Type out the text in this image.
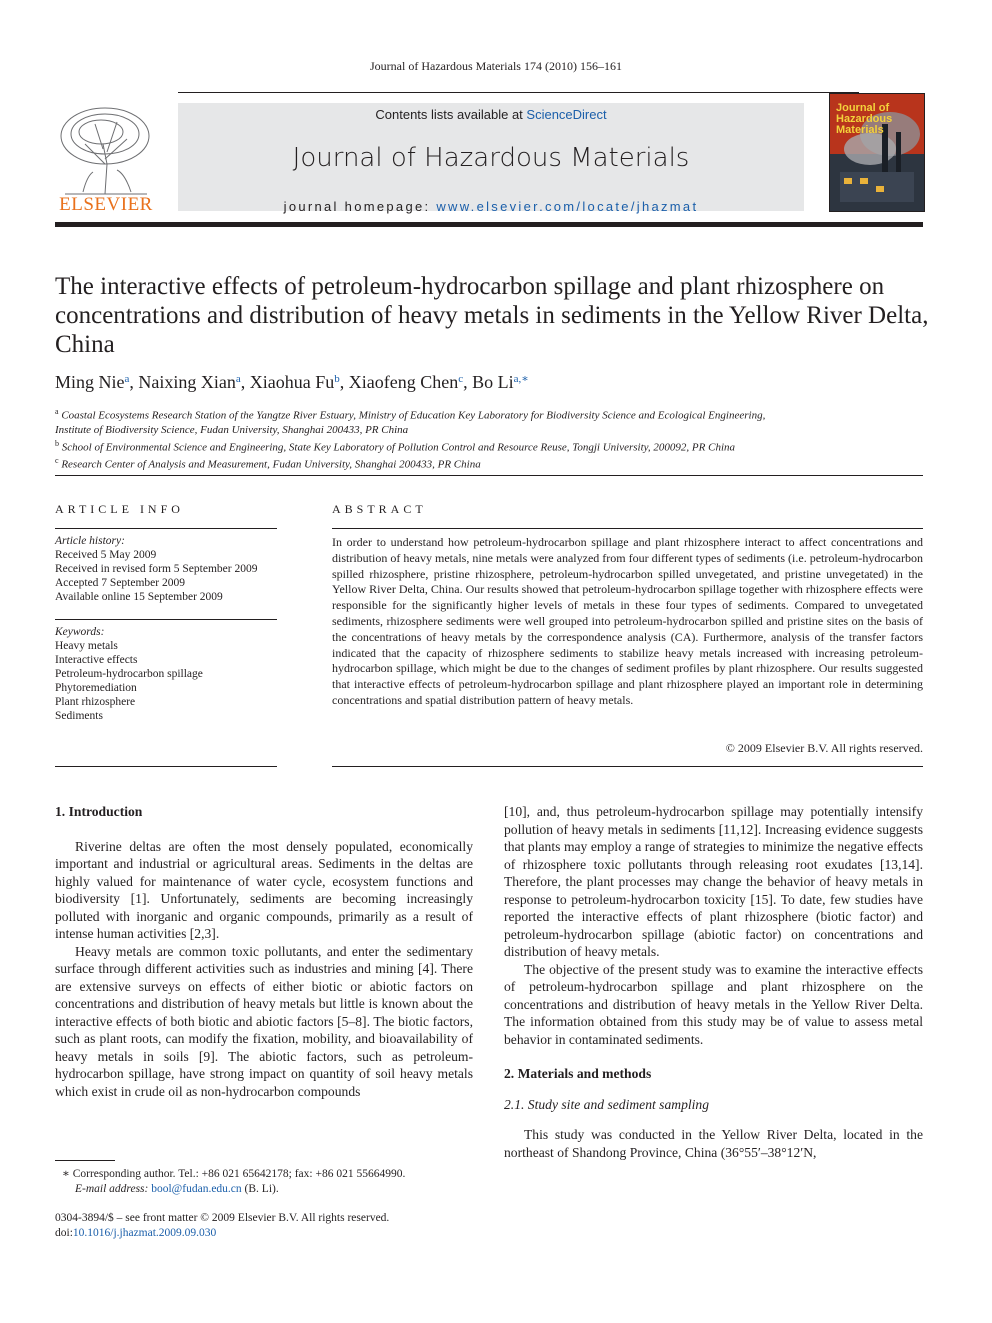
Journal of Hazardous Materials 174 (2010) 156–161
ELSEVIER
Contents lists available at ScienceDirect
Journal of Hazardous Materials
journal homepage: www.elsevier.com/locate/jhazmat
Journal of Hazardous Materials
The interactive effects of petroleum-hydrocarbon spillage and plant rhizosphere on concentrations and distribution of heavy metals in sediments in the Yellow River Delta, China
Ming Nie$^a$, Naixing Xian$^a$, Xiaohua Fu$^b$, Xiaofeng Chen$^c$, Bo $Li^{a,∗}$
$^a$ Coastal Ecosystems Research Station of the Yangtze River Estuary, Ministry of Education Key Laboratory for Biodiversity Science and Ecological Engineering,
Institute of Biodiversity Science, Fudan University, Shanghai 200433, PR China
$^b$ School of Environmental Science and Engineering, State Key Laboratory of Pollution Control and Resource Reuse, Tongji University, 200092, PR China
$^c$ Research Center of Analysis and Measurement, Fudan University, Shanghai 200433, PR China
ARTICLE INFO
Article history:
Received 5 May 2009
Received in revised form 5 September 2009
Accepted 7 September 2009
Available online 15 September 2009
Keywords:
Heavy metals
Interactive effects
Petroleum-hydrocarbon spillage
Phytoremediation
Plant rhizosphere
Sediments
ABSTRACT
In order to understand how petroleum-hydrocarbon spillage and plant rhizosphere interact to affect concentrations and distribution of heavy metals, nine metals were analyzed from four different types of sediments (i.e. petroleum-hydrocarbon spilled rhizosphere, pristine rhizosphere, petroleum-hydrocarbon spilled unvegetated, and pristine unvegetated) in the Yellow River Delta, China. Our results showed that petroleum-hydrocarbon spillage together with rhizosphere effects were responsible for the significantly higher levels of metals in these four types of sediments. Compared to unvegetated sediments, rhizosphere sediments were well grouped into petroleum-hydrocarbon spilled and pristine sites on the basis of the concentrations of heavy metals by the correspondence analysis (CA). Furthermore, analysis of the transfer factors indicated that the capacity of rhizosphere sediments to stabilize heavy metals increased with increasing petroleum-hydrocarbon spillage, which might be due to the changes of sediment profiles by plant rhizosphere. Our results suggested that interactive effects of petroleum-hydrocarbon spillage and plant rhizosphere played an important role in determining concentrations and spatial distribution pattern of heavy metals.
© 2009 Elsevier B.V. All rights reserved.
1. Introduction

Riverine deltas are often the most densely populated, economically important and industrial or agricultural areas. Sediments in the deltas are highly valued for maintenance of water cycle, ecosystem functions and biodiversity [1]. Unfortunately, sediments are becoming increasingly polluted with inorganic and organic compounds, primarily as a result of intense human activities [2,3].

Heavy metals are common toxic pollutants, and enter the sedimentary surface through different activities such as industries and mining [4]. There are extensive surveys on effects of either biotic or abiotic factors on concentrations and distribution of heavy metals but little is known about the interactive effects of both biotic and abiotic factors [5–8]. The biotic factors, such as plant roots, can modify the fixation, mobility, and bioavailability of heavy metals in soils [9]. The abiotic factors, such as petroleum-hydrocarbon spillage, have strong impact on quantity of soil heavy metals which exist in crude oil as non-hydrocarbon compounds

[10], and, thus petroleum-hydrocarbon spillage may potentially intensify pollution of heavy metals in sediments [11,12]. Increasing evidence suggests that plants may employ a range of strategies to minimize the negative effects of rhizosphere toxic pollutants through releasing root exudates [13,14]. Therefore, the plant processes may change the behavior of heavy metals in response to petroleum-hydrocarbon toxicity [15]. To date, few studies have reported the interactive effects of plant rhizosphere (biotic factor) and petroleum-hydrocarbon spillage (abiotic factor) on concentrations and distribution of heavy metals.

The objective of the present study was to examine the interactive effects of petroleum-hydrocarbon spillage and plant rhizosphere on the concentrations and distribution of heavy metals in the Yellow River Delta. The information obtained from this study may be of value to assess metal behavior in contaminated sediments.

2. Materials and methods
2.1. Study site and sediment sampling

This study was conducted in the Yellow River Delta, located in the northeast of Shandong Province, China (36°55′–38°12′N,

∗ Corresponding author. Tel.: +86 021 65642178; fax: +86 021 55664990.
E-mail address: bool@fudan.edu.cn (B. Li).
0304-3894/$ – see front matter © 2009 Elsevier B.V. All rights reserved.
doi:10.1016/j.jhazmat.2009.09.030
